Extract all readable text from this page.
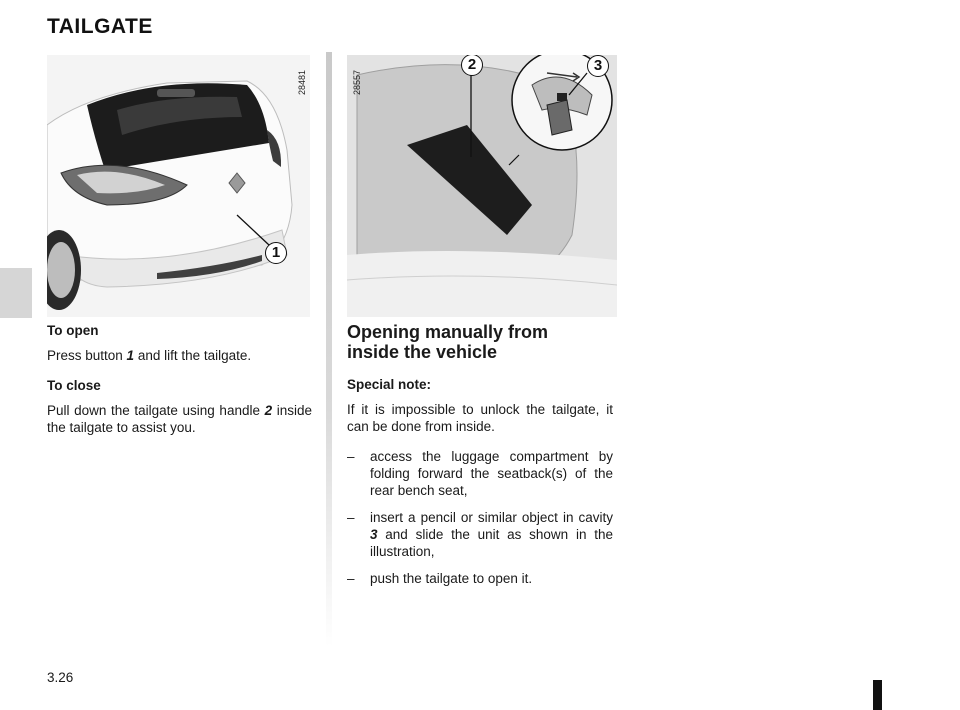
TAILGATE
1
28481
2	3
28557

To open

Press button 1 and lift the tailgate.

To close

Pull down the tailgate using handle 2 inside the tailgate to assist you.

Opening manually from
inside the vehicle

Special note:

If it is impossible to unlock the tailgate, it can be done from inside.

– access the luggage compartment by folding forward the seatback(s) of the rear bench seat,
– insert a pencil or similar object in cavity 3 and slide the unit as shown in the illustration,
– push the tailgate to open it.
3.26
